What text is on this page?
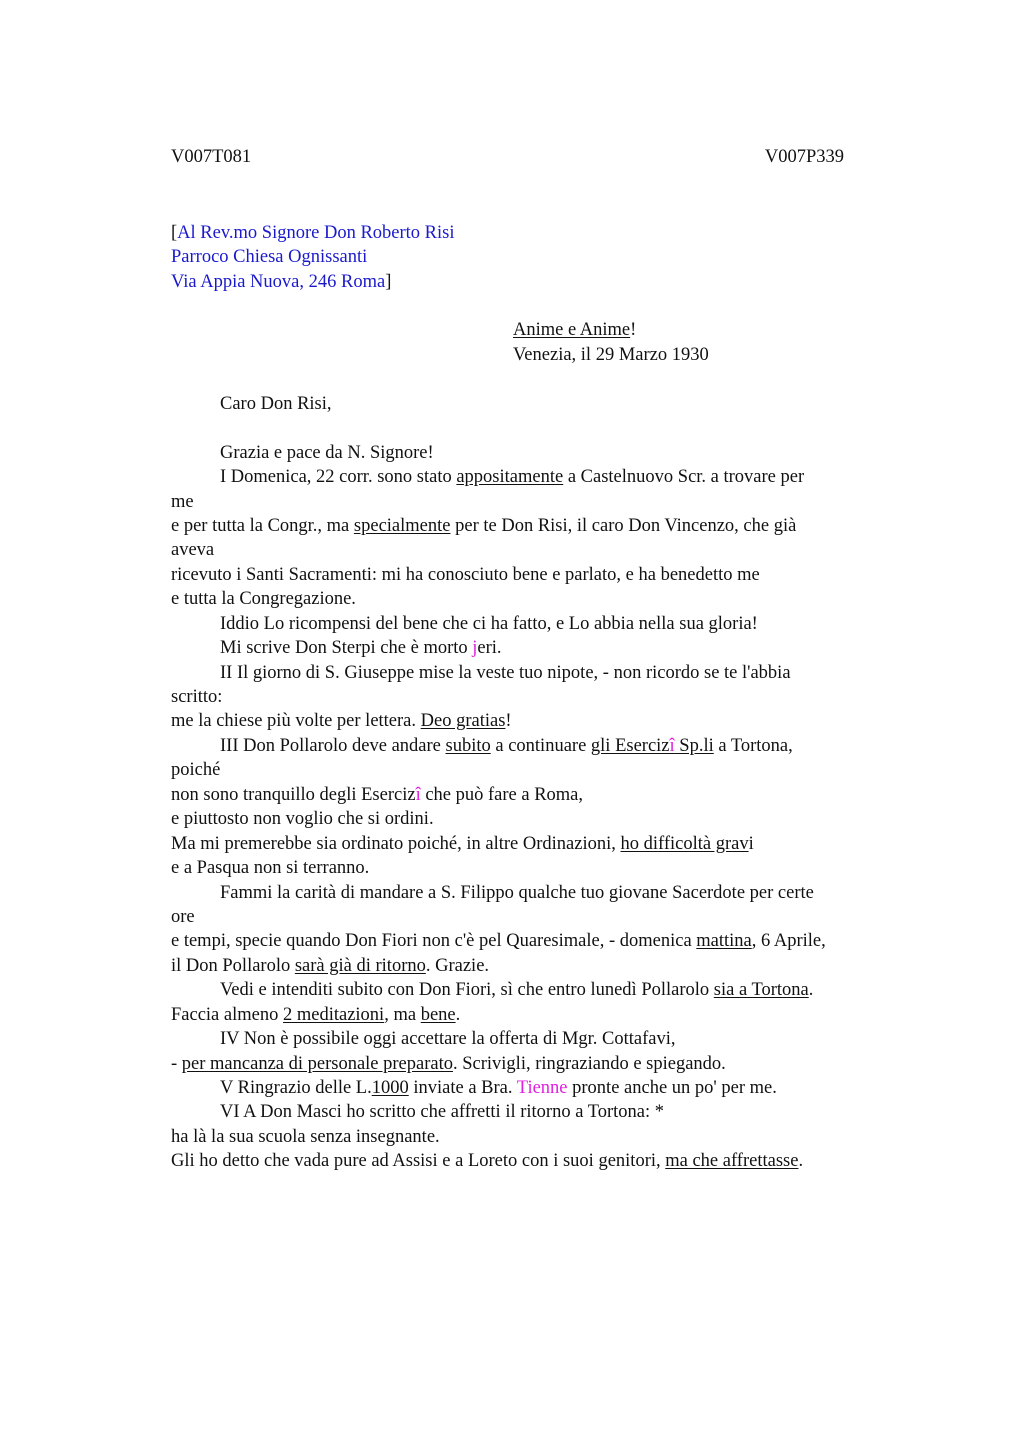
V007T081	V007P339
[Al Rev.mo Signore Don Roberto Risi
Parroco Chiesa Ognissanti
Via Appia Nuova, 246 Roma]
Anime e Anime!
Venezia, il 29 Marzo 1930
Caro Don Risi,
Grazia e pace da N. Signore!
I Domenica, 22 corr. sono stato appositamente a Castelnuovo Scr. a trovare per
me
e per tutta la Congr., ma specialmente per te Don Risi, il caro Don Vincenzo, che già
aveva
ricevuto i Santi Sacramenti: mi ha conosciuto bene e parlato, e ha benedetto me
e tutta la Congregazione.
Iddio Lo ricompensi del bene che ci ha fatto, e Lo abbia nella sua gloria!
Mi scrive Don Sterpi che è morto jeri.
II Il giorno di S. Giuseppe mise la veste tuo nipote, - non ricordo se te l'abbia
scritto:
me la chiese più volte per lettera. Deo gratias!
III Don Pollarolo deve andare subito a continuare gli Esercizî Sp.li a Tortona,
poiché
non sono tranquillo degli Esercizî che può fare a Roma,
e piuttosto non voglio che si ordini.
Ma mi premerebbe sia ordinato poiché, in altre Ordinazioni, ho difficoltà gravi
e a Pasqua non si terranno.
Fammi la carità di mandare a S. Filippo qualche tuo giovane Sacerdote per certe
ore
e tempi, specie quando Don Fiori non c'è pel Quaresimale, - domenica mattina, 6 Aprile,
il Don Pollarolo sarà già di ritorno. Grazie.
Vedi e intenditi subito con Don Fiori, sì che entro lunedì Pollarolo sia a Tortona.
Faccia almeno 2 meditazioni, ma bene.
IV Non è possibile oggi accettare la offerta di Mgr. Cottafavi,
- per mancanza di personale preparato. Scrivigli, ringraziando e spiegando.
V Ringrazio delle L.1000 inviate a Bra. Tienne pronte anche un po' per me.
VI A Don Masci ho scritto che affretti il ritorno a Tortona: *
ha là la sua scuola senza insegnante.
Gli ho detto che vada pure ad Assisi e a Loreto con i suoi genitori, ma che affrettasse.
